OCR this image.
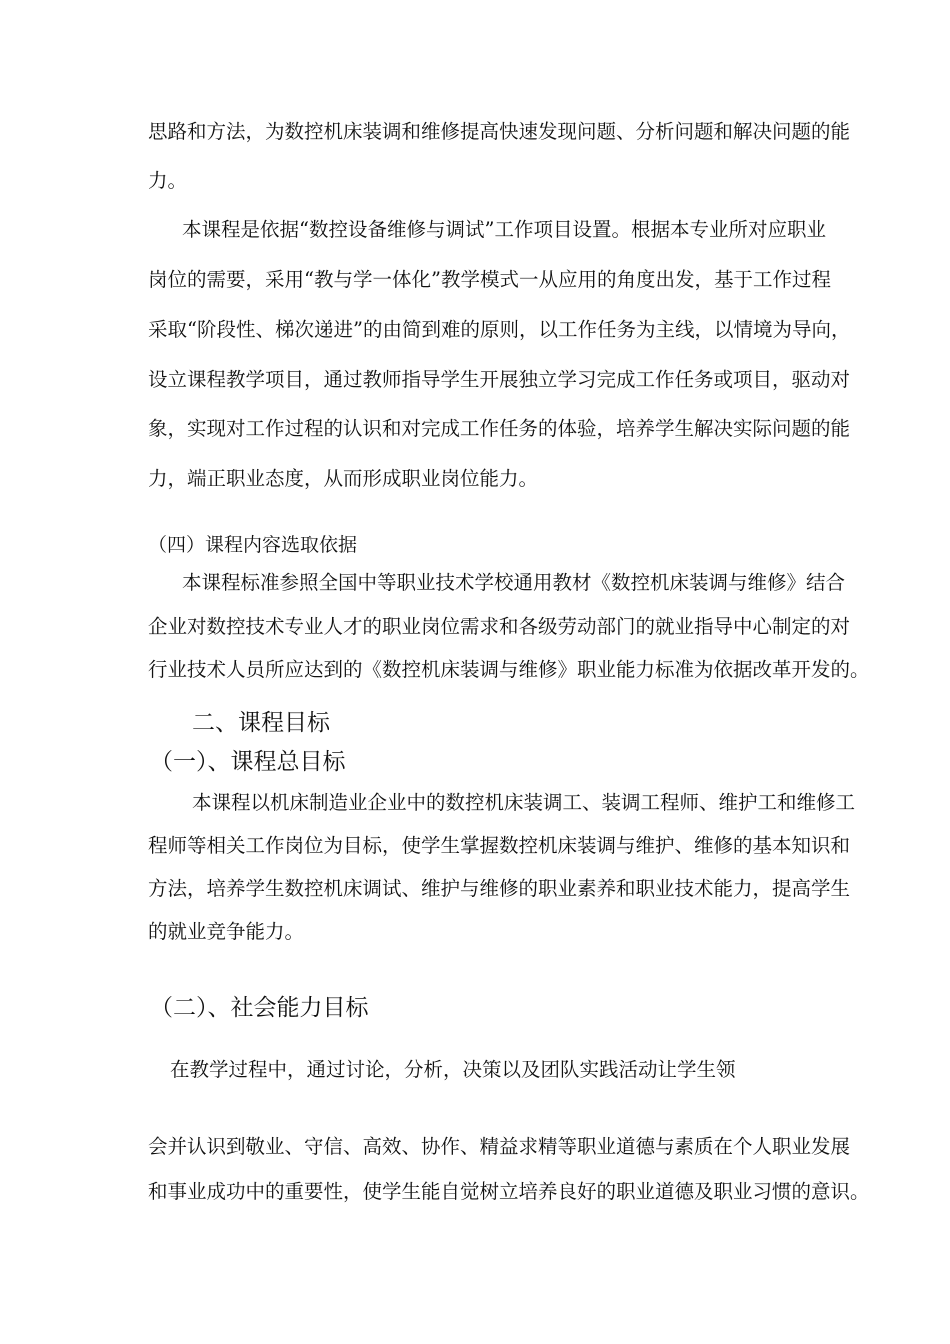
思路和方法，为数控机床装调和维修提高快速发现问题、分析问题和解决问题的能
力。
本课程是依据“数控设备维修与调试”工作项目设置。根据本专业所对应职业
岗位的需要，采用“教与学一体化”教学模式一从应用的角度出发，基于工作过程
采取“阶段性、梯次递进”的由简到难的原则，以工作任务为主线，以情境为导向，
设立课程教学项目，通过教师指导学生开展独立学习完成工作任务或项目，驱动对
象，实现对工作过程的认识和对完成工作任务的体验，培养学生解决实际问题的能
力，端正职业态度，从而形成职业岗位能力。
（四）课程内容选取依据
本课程标准参照全国中等职业技术学校通用教材《数控机床装调与维修》结合
企业对数控技术专业人才的职业岗位需求和各级劳动部门的就业指导中心制定的对
行业技术人员所应达到的《数控机床装调与维修》职业能力标准为依据改革开发的。
二、课程目标
（一）、课程总目标
本课程以机床制造业企业中的数控机床装调工、装调工程师、维护工和维修工
程师等相关工作岗位为目标，使学生掌握数控机床装调与维护、维修的基本知识和
方法，培养学生数控机床调试、维护与维修的职业素养和职业技术能力，提高学生
的就业竞争能力。
（二）、社会能力目标
在教学过程中，通过讨论，分析，决策以及团队实践活动让学生领
会并认识到敬业、守信、高效、协作、精益求精等职业道德与素质在个人职业发展
和事业成功中的重要性，使学生能自觉树立培养良好的职业道德及职业习惯的意识。
